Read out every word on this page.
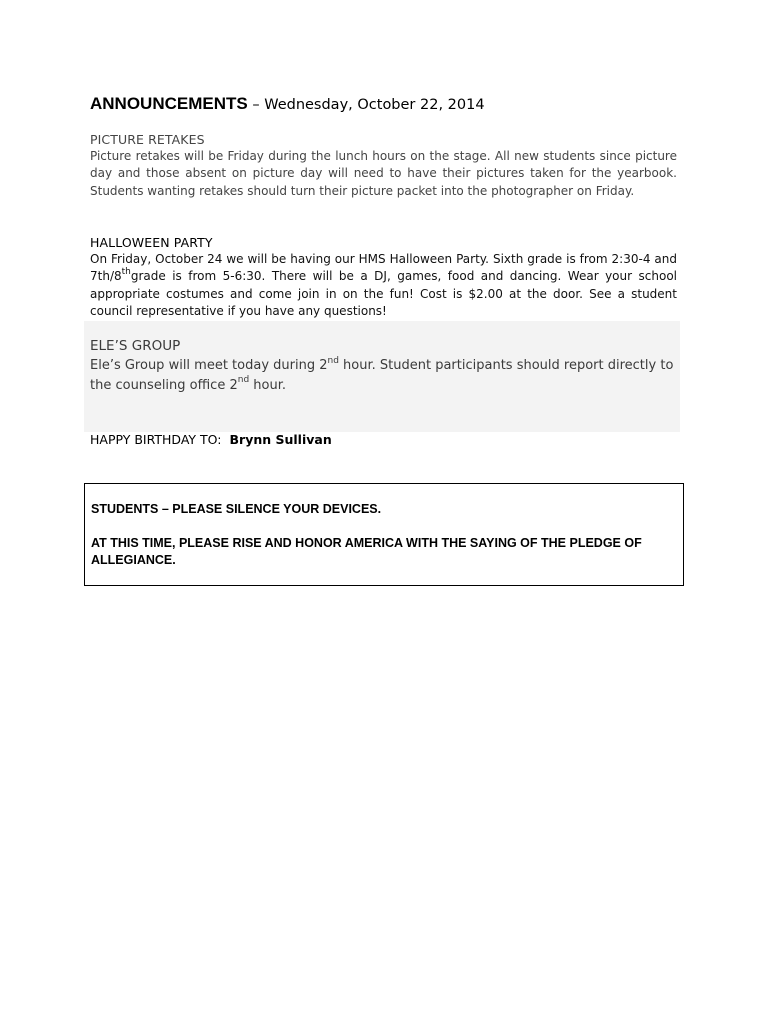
ANNOUNCEMENTS – Wednesday, October 22, 2014
PICTURE RETAKES
Picture retakes will be Friday during the lunch hours on the stage. All new students since picture day and those absent on picture day will need to have their pictures taken for the yearbook. Students wanting retakes should turn their picture packet into the photographer on Friday.
HALLOWEEN PARTY
On Friday, October 24 we will be having our HMS Halloween Party. Sixth grade is from 2:30-4 and 7th/8thgrade is from 5-6:30. There will be a DJ, games, food and dancing. Wear your school appropriate costumes and come join in on the fun! Cost is $2.00 at the door. See a student council representative if you have any questions!
ELE’S GROUP
Ele’s Group will meet today during 2nd hour. Student participants should report directly to the counseling office 2nd hour.
HAPPY BIRTHDAY TO: Brynn Sullivan
STUDENTS – PLEASE SILENCE YOUR DEVICES.
AT THIS TIME, PLEASE RISE AND HONOR AMERICA WITH THE SAYING OF THE PLEDGE OF ALLEGIANCE.
